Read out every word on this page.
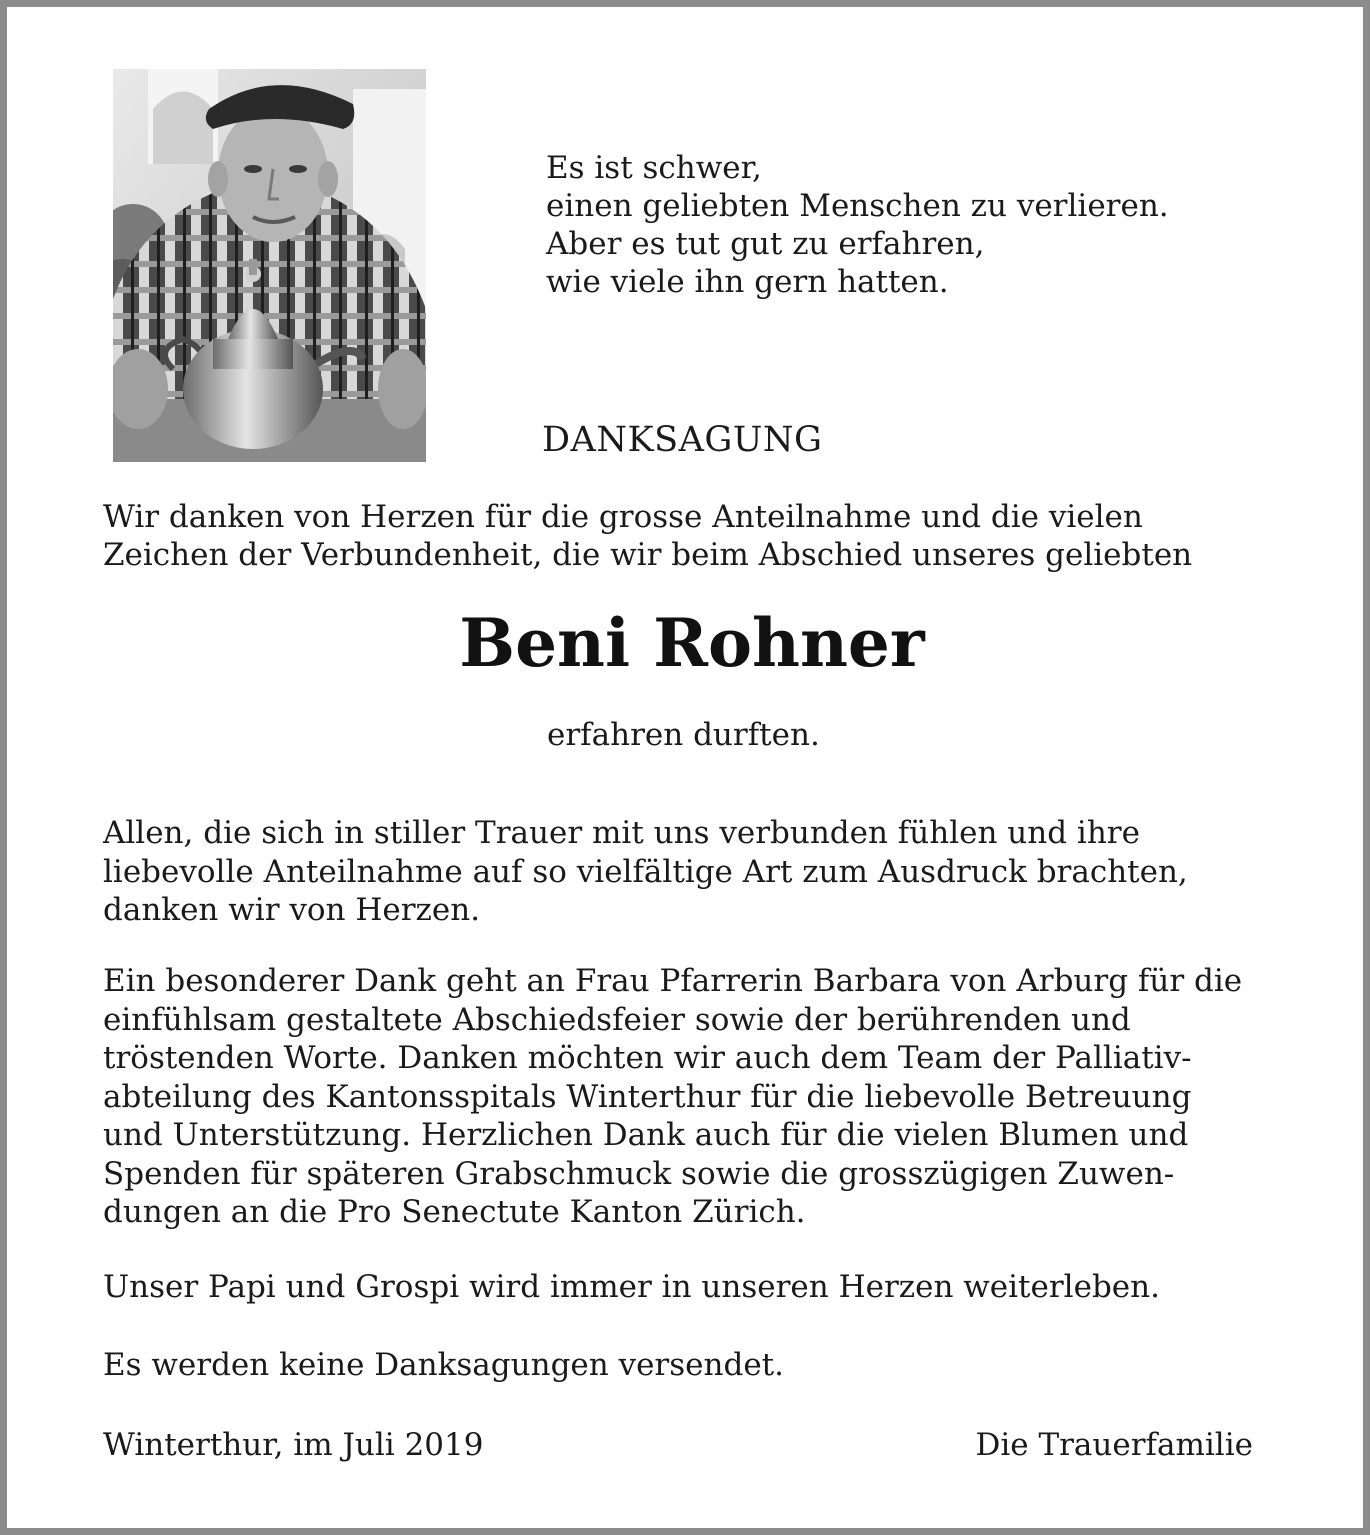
Es ist schwer,
einen geliebten Menschen zu verlieren.
Aber es tut gut zu erfahren,
wie viele ihn gern hatten.
DANKSAGUNG
Wir danken von Herzen für die grosse Anteilnahme und die vielen
Zeichen der Verbundenheit, die wir beim Abschied unseres geliebten
Beni Rohner
erfahren durften.
Allen, die sich in stiller Trauer mit uns verbunden fühlen und ihre
liebevolle Anteilnahme auf so vielfältige Art zum Ausdruck brachten,
danken wir von Herzen.
Ein besonderer Dank geht an Frau Pfarrerin Barbara von Arburg für die
einfühlsam gestaltete Abschiedsfeier sowie der berührenden und
tröstenden Worte. Danken möchten wir auch dem Team der Palliativ-
abteilung des Kantonsspitals Winterthur für die liebevolle Betreuung
und Unterstützung. Herzlichen Dank auch für die vielen Blumen und
Spenden für späteren Grabschmuck sowie die grosszügigen Zuwen-
dungen an die Pro Senectute Kanton Zürich.
Unser Papi und Grospi wird immer in unseren Herzen weiterleben.
Es werden keine Danksagungen versendet.
Winterthur, im Juli 2019	Die Trauerfamilie
